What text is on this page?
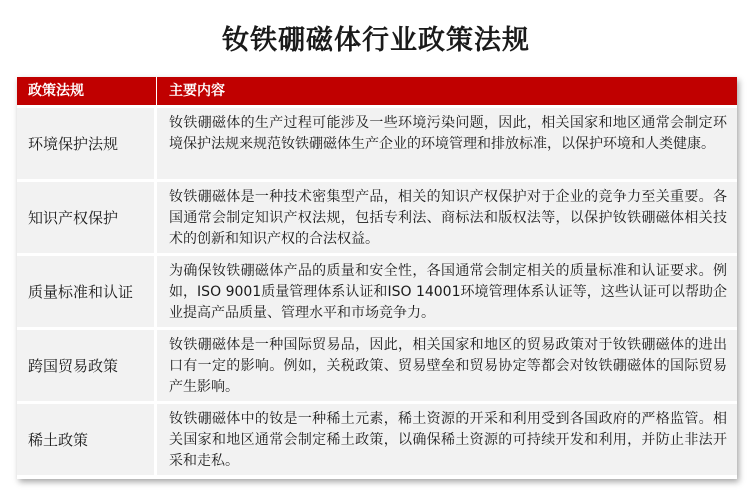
钕铁硼磁体行业政策法规
政策法规	主要内容
环境保护法规
钕铁硼磁体的生产过程可能涉及一些环境污染问题，因此，相关国家和地区通常会制定环境保护法规来规范钕铁硼磁体生产企业的环境管理和排放标准，以保护环境和人类健康。
知识产权保护
钕铁硼磁体是一种技术密集型产品，相关的知识产权保护对于企业的竞争力至关重要。各国通常会制定知识产权法规，包括专利法、商标法和版权法等，以保护钕铁硼磁体相关技术的创新和知识产权的合法权益。
质量标准和认证
为确保钕铁硼磁体产品的质量和安全性，各国通常会制定相关的质量标准和认证要求。例如，ISO 9001质量管理体系认证和ISO 14001环境管理体系认证等，这些认证可以帮助企业提高产品质量、管理水平和市场竞争力。
跨国贸易政策
钕铁硼磁体是一种国际贸易品，因此，相关国家和地区的贸易政策对于钕铁硼磁体的进出口有一定的影响。例如，关税政策、贸易壁垒和贸易协定等都会对钕铁硼磁体的国际贸易产生影响。
稀土政策
钕铁硼磁体中的钕是一种稀土元素，稀土资源的开采和利用受到各国政府的严格监管。相关国家和地区通常会制定稀土政策，以确保稀土资源的可持续开发和利用，并防止非法开采和走私。
